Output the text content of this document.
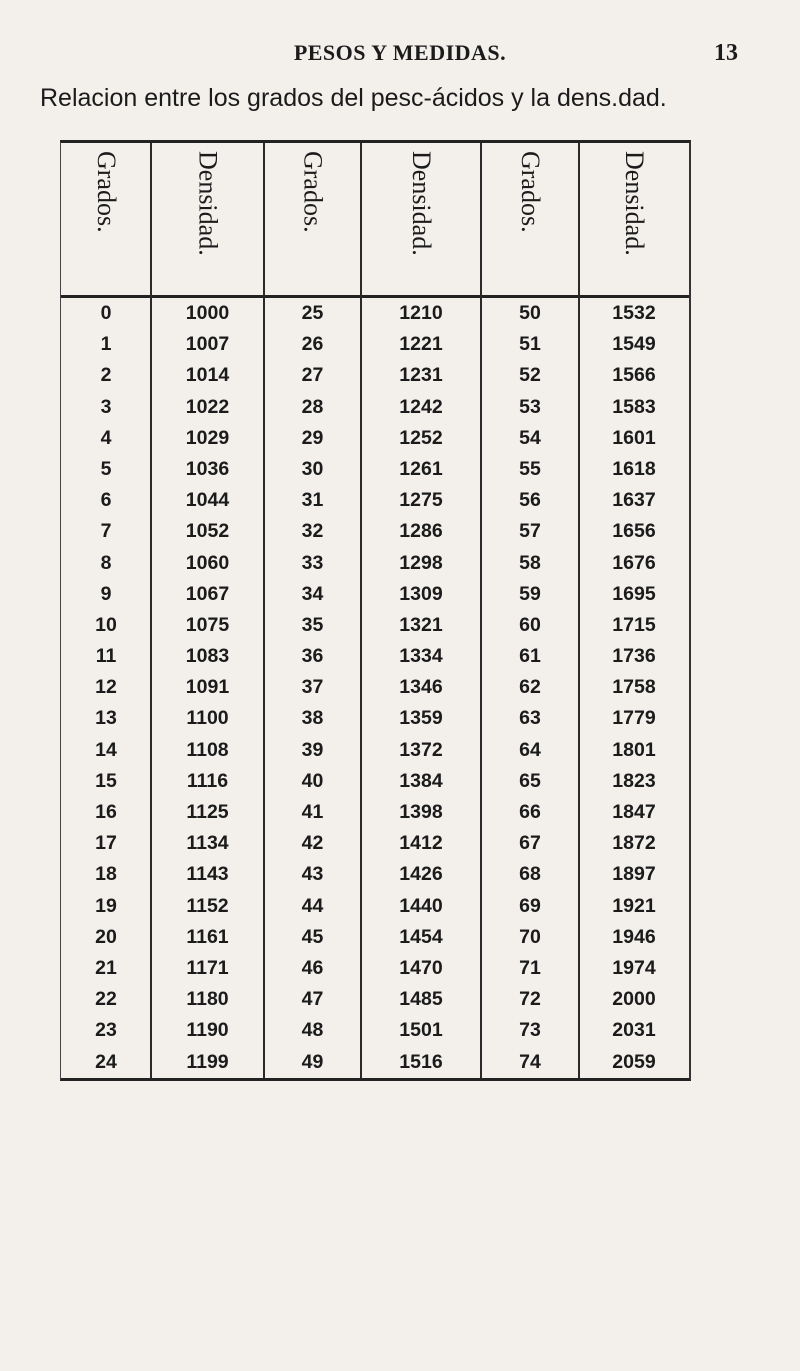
PESOS Y MEDIDAS.	13
Relacion entre los grados del pesc-ácidos y la dens.dad.
Grados.	Densidad.	Grados.	Densidad.	Grados.	Densidad.
0	1000	25	1210	50	1532
1	1007	26	1221	51	1549
2	1014	27	1231	52	1566
3	1022	28	1242	53	1583
4	1029	29	1252	54	1601
5	1036	30	1261	55	1618
6	1044	31	1275	56	1637
7	1052	32	1286	57	1656
8	1060	33	1298	58	1676
9	1067	34	1309	59	1695
10	1075	35	1321	60	1715
11	1083	36	1334	61	1736
12	1091	37	1346	62	1758
13	1100	38	1359	63	1779
14	1108	39	1372	64	1801
15	1116	40	1384	65	1823
16	1125	41	1398	66	1847
17	1134	42	1412	67	1872
18	1143	43	1426	68	1897
19	1152	44	1440	69	1921
20	1161	45	1454	70	1946
21	1171	46	1470	71	1974
22	1180	47	1485	72	2000
23	1190	48	1501	73	2031
24	1199	49	1516	74	2059
